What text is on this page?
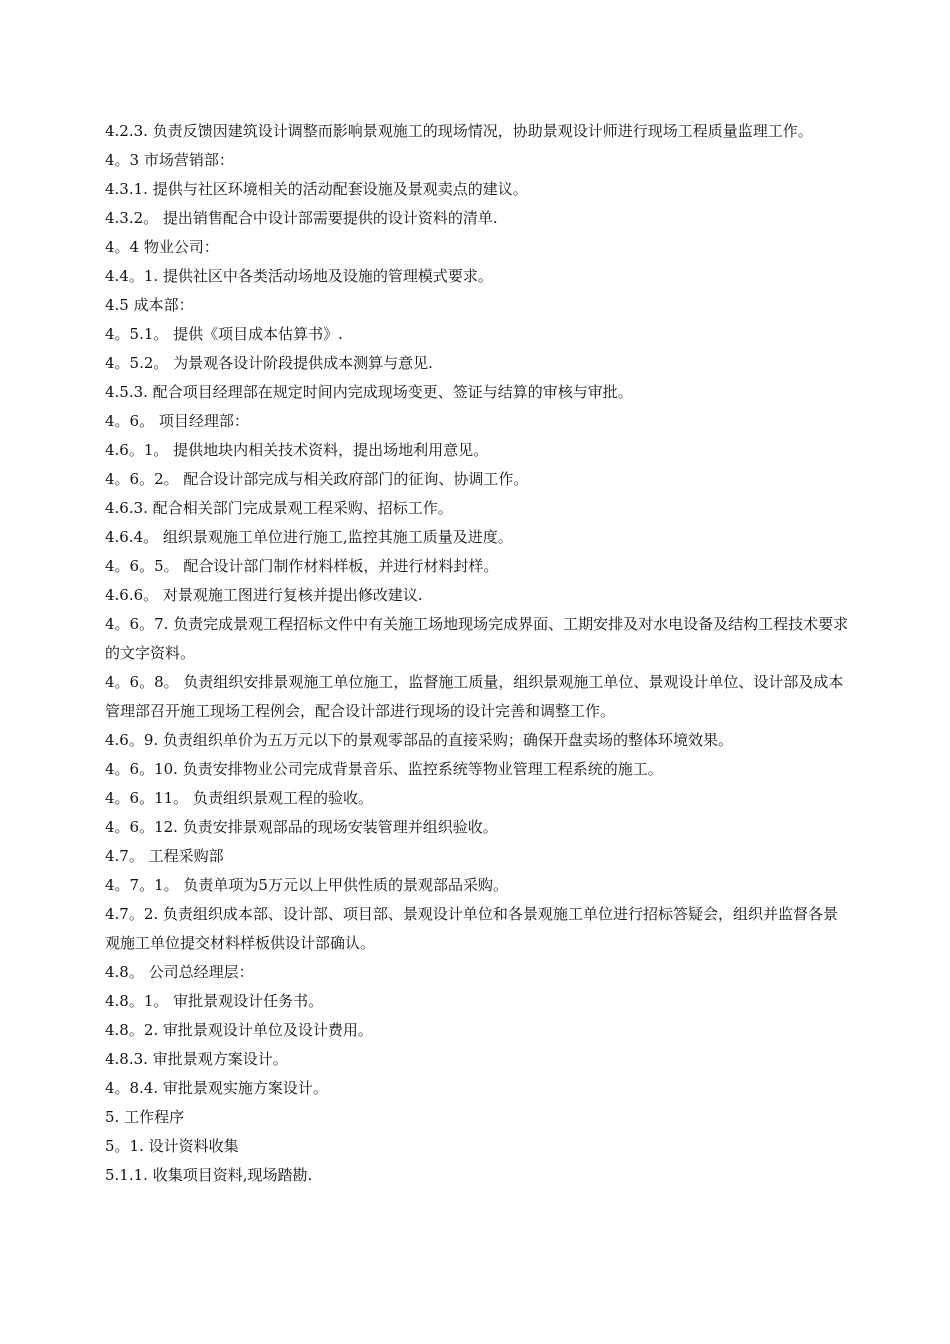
4.2.3. 负责反馈因建筑设计调整而影响景观施工的现场情况，协助景观设计师进行现场工程质量监理工作。
4。3 市场营销部：
4.3.1. 提供与社区环境相关的活动配套设施及景观卖点的建议。
4.3.2。 提出销售配合中设计部需要提供的设计资料的清单.
4。4 物业公司：
4.4。1. 提供社区中各类活动场地及设施的管理模式要求。
4.5 成本部：
4。5.1。 提供《项目成本估算书》.
4。5.2。 为景观各设计阶段提供成本测算与意见.
4.5.3. 配合项目经理部在规定时间内完成现场变更、签证与结算的审核与审批。
4。6。 项目经理部：
4.6。1。 提供地块内相关技术资料，提出场地利用意见。
4。6。2。 配合设计部完成与相关政府部门的征询、协调工作。
4.6.3. 配合相关部门完成景观工程采购、招标工作。
4.6.4。 组织景观施工单位进行施工,监控其施工质量及进度。
4。6。5。 配合设计部门制作材料样板，并进行材料封样。
4.6.6。 对景观施工图进行复核并提出修改建议.
4。6。7. 负责完成景观工程招标文件中有关施工场地现场完成界面、工期安排及对水电设备及结构工程技术要求的文字资料。
4。6。8。 负责组织安排景观施工单位施工，监督施工质量，组织景观施工单位、景观设计单位、设计部及成本管理部召开施工现场工程例会，配合设计部进行现场的设计完善和调整工作。
4.6。9. 负责组织单价为五万元以下的景观零部品的直接采购；确保开盘卖场的整体环境效果。
4。6。10. 负责安排物业公司完成背景音乐、监控系统等物业管理工程系统的施工。
4。6。11。 负责组织景观工程的验收。
4。6。12. 负责安排景观部品的现场安装管理并组织验收。
4.7。 工程采购部
4。7。1。 负责单项为5万元以上甲供性质的景观部品采购。
4.7。2. 负责组织成本部、设计部、项目部、景观设计单位和各景观施工单位进行招标答疑会，组织并监督各景观施工单位提交材料样板供设计部确认。
4.8。 公司总经理层：
4.8。1。 审批景观设计任务书。
4.8。2. 审批景观设计单位及设计费用。
4.8.3. 审批景观方案设计。
4。8.4. 审批景观实施方案设计。
5. 工作程序
5。1. 设计资料收集
5.1.1. 收集项目资料,现场踏勘.
